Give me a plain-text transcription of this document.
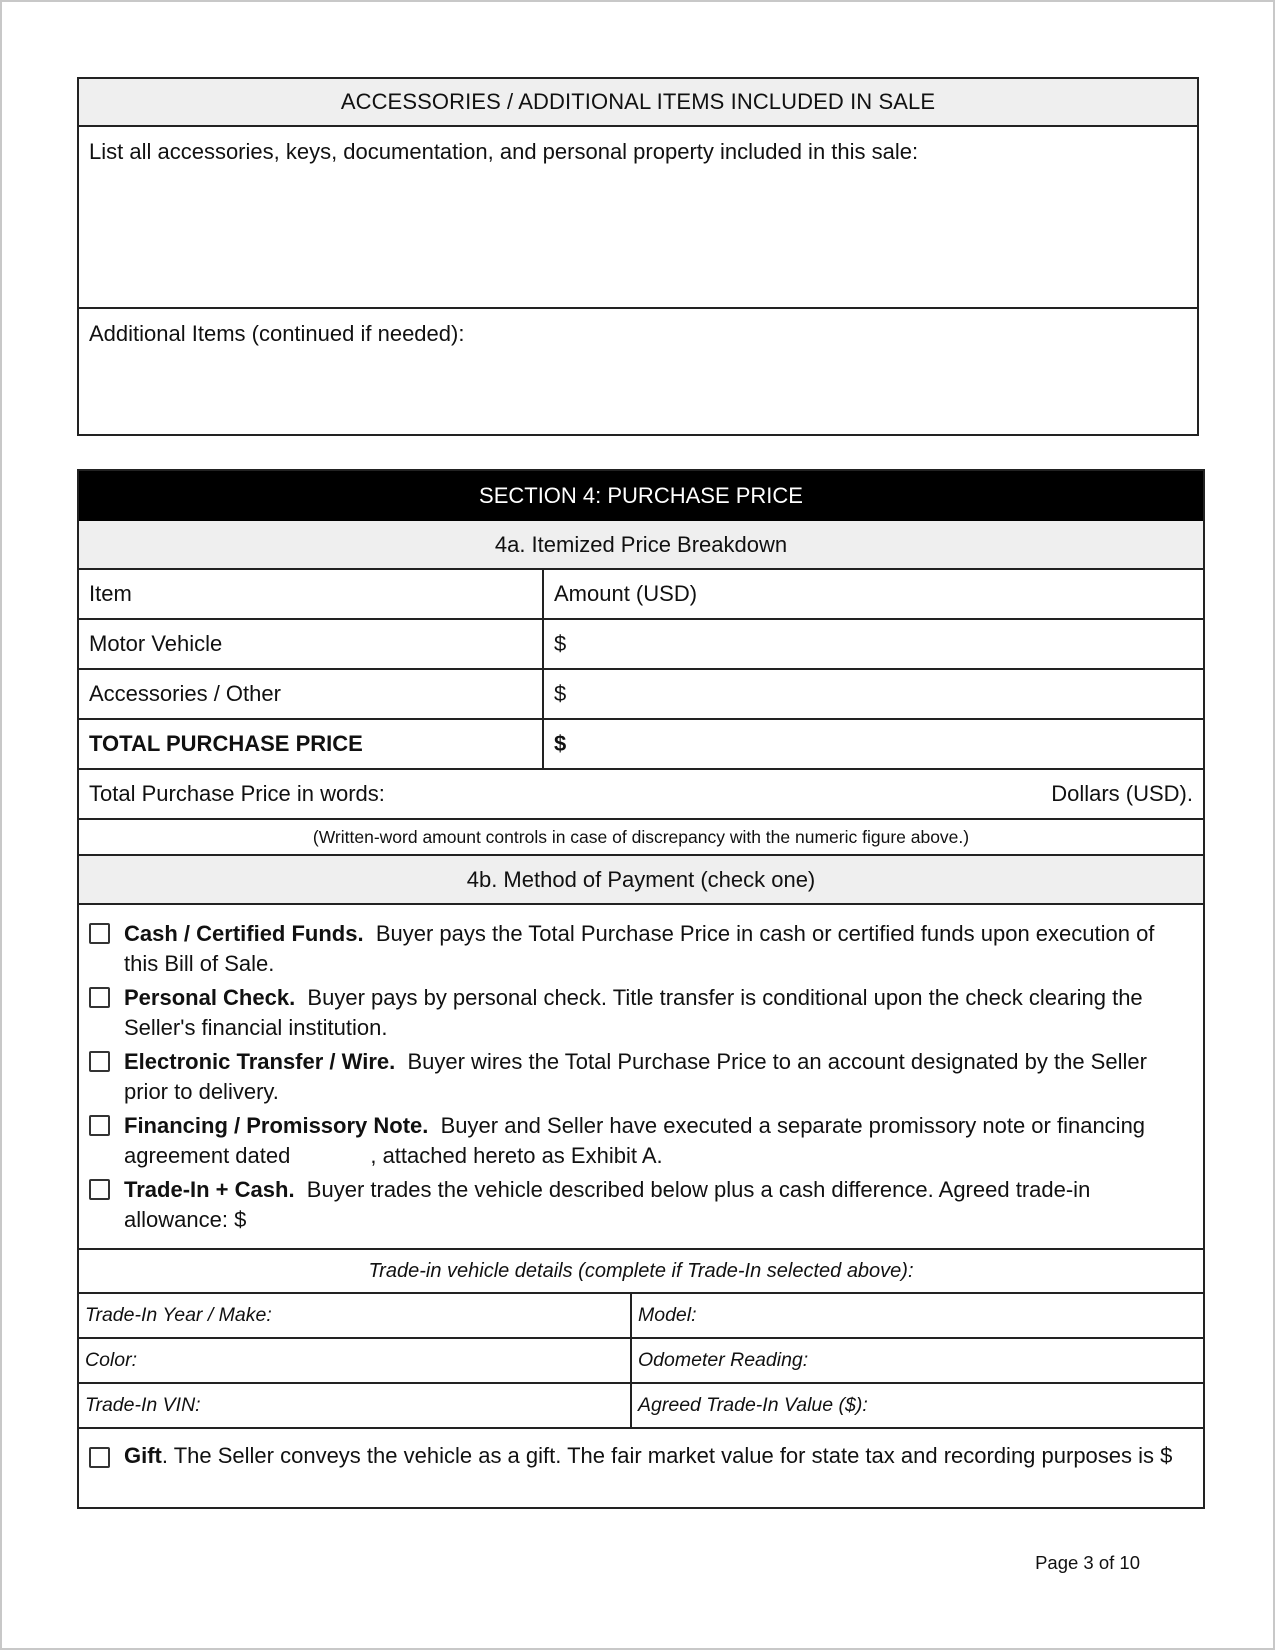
ACCESSORIES / ADDITIONAL ITEMS INCLUDED IN SALE
List all accessories, keys, documentation, and personal property included in this sale:
Additional Items (continued if needed):
SECTION 4: PURCHASE PRICE
4a. Itemized Price Breakdown
Item	Amount (USD)
Motor Vehicle	$
Accessories / Other	$
TOTAL PURCHASE PRICE	$
Total Purchase Price in words:	Dollars (USD).
(Written-word amount controls in case of discrepancy with the numeric figure above.)
4b. Method of Payment (check one)
Cash / Certified Funds. Buyer pays the Total Purchase Price in cash or certified funds upon execution of this Bill of Sale.
Personal Check. Buyer pays by personal check. Title transfer is conditional upon the check clearing the Seller's financial institution.
Electronic Transfer / Wire. Buyer wires the Total Purchase Price to an account designated by the Seller prior to delivery.
Financing / Promissory Note. Buyer and Seller have executed a separate promissory note or financing agreement dated	, attached hereto as Exhibit A.
Trade-In + Cash. Buyer trades the vehicle described below plus a cash difference. Agreed trade-in allowance: $
Trade-in vehicle details (complete if Trade-In selected above):
Trade-In Year / Make:	Model:
Color:	Odometer Reading:
Trade-In VIN:	Agreed Trade-In Value ($):
Gift. The Seller conveys the vehicle as a gift. The fair market value for state tax and recording purposes is $
Page 3 of 10
